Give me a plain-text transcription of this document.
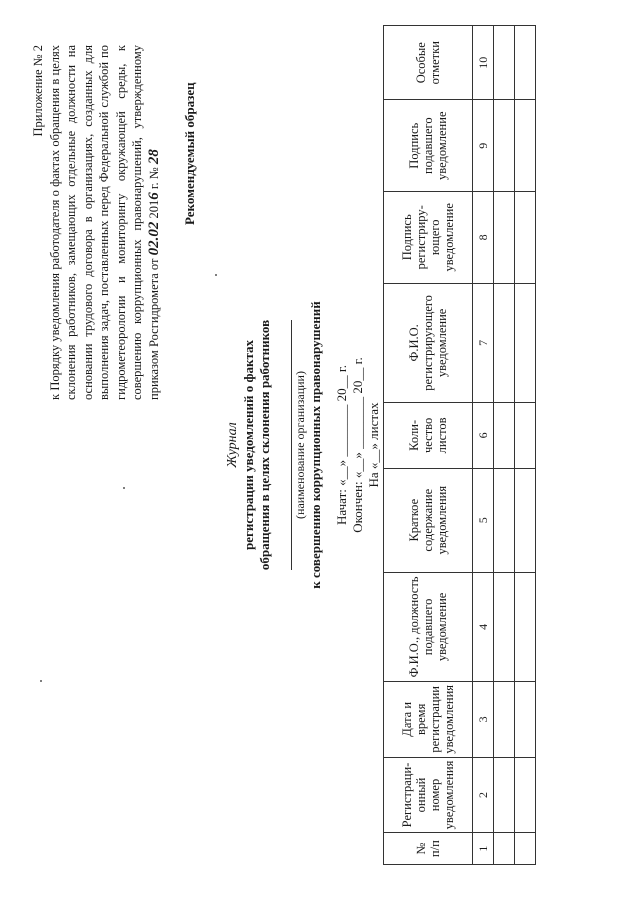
Приложение № 2 к Порядку уведомления работодателя о фактах обращения в целях склонения работников, замещающих отдельные должности на основании трудового договора в организациях, созданных для выполнения задач, поставленных перед Федеральной службой по гидрометеорологии и мониторингу окружающей среды, к совершению коррупционных правонарушений, утвержденному приказом Росгидромета от 02.02 2016 г. № 28 Рекомендуемый образец
Журнал регистрации уведомлений о фактах обращения в целях склонения работников (наименование организации) к совершению коррупционных правонарушений Начат: «__» ________ 20__ г. Окончен: «__» ________ 20__ г. На «__» листах
№ п/п	Регистраци-онный номер уведомления	Дата и время регистрации уведомления	Ф.И.О., должность подавшего уведомление	Краткое содержание уведомления	Коли-чество листов	Ф.И.О. регистрирующего уведомление	Подпись регистриру-ющего уведомление	Подпись подавшего уведомление	Особые отметки
1	2	3	4	5	6	7	8	9	10
